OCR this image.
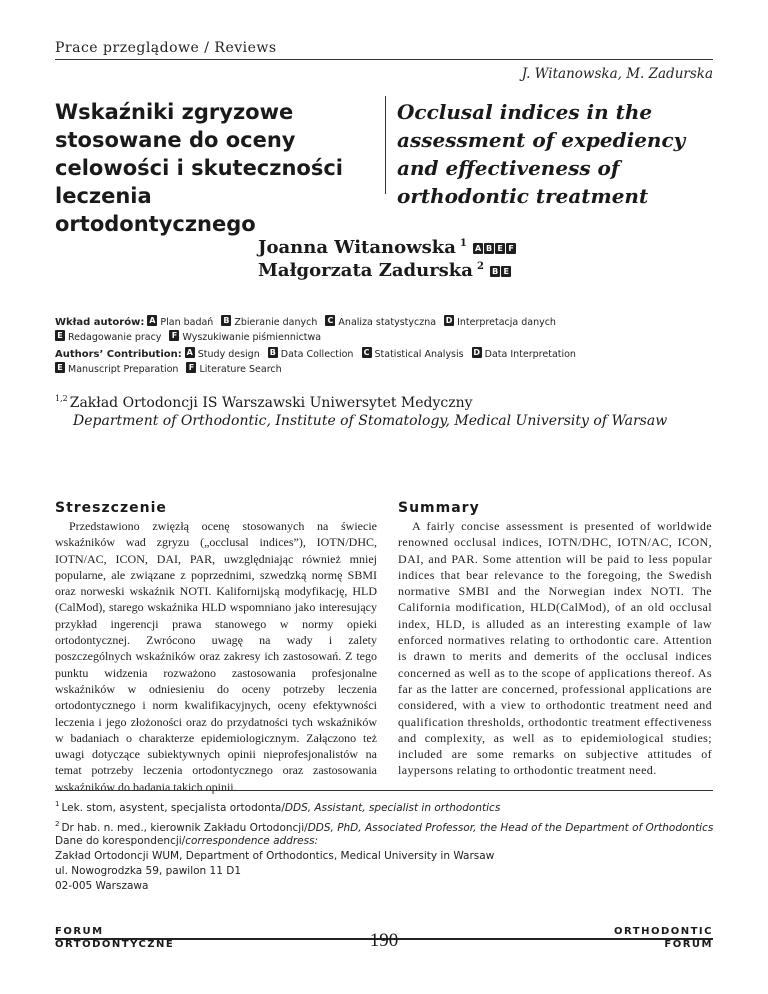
Prace przeglądowe / Reviews
J. Witanowska, M. Zadurska
Wskaźniki zgryzowe stosowane do oceny celowości i skuteczności leczenia ortodontycznego
Occlusal indices in the assessment of expediency and effectiveness of orthodontic treatment
Joanna Witanowska $^1$ A B E F
Małgorzata Zadurska $^2$ B E
Wkład autorów: A Plan badań B Zbieranie danych C Analiza statystyczna D Interpretacja danych
E Redagowanie pracy F Wyszukiwanie piśmiennictwa
Authors’ Contribution: A Study design B Data Collection C Statistical Analysis D Data Interpretation
E Manuscript Preparation F Literature Search
$^{1,2}$ Zakład Ortodoncji IS Warszawski Uniwersytet Medyczny
Department of Orthodontic, Institute of Stomatology, Medical University of Warsaw
Streszczenie	Summary
Przedstawiono zwięzłą ocenę stosowanych na świecie wskaźników wad zgryzu („occlusal indices”), IOTN/DHC, IOTN/AC, ICON, DAI, PAR, uwzględniając również mniej popularne, ale związane z poprzednimi, szwedzką normę SBMI oraz norweski wskaźnik NOTI. Kalifornijską modyfikację, HLD (CalMod), starego wskaźnika HLD wspomniano jako interesujący przykład ingerencji prawa stanowego w normy opieki ortodontycznej. Zwrócono uwagę na wady i zalety poszczególnych wskaźników oraz zakresy ich zastosowań. Z tego punktu widzenia rozważono zastosowania profesjonalne wskaźników w odniesieniu do oceny potrzeby leczenia ortodontycznego i norm kwalifikacyjnych, oceny efektywności leczenia i jego złożoności oraz do przydatności tych wskaźników w badaniach o charakterze epidemiologicznym. Załączono też uwagi dotyczące subiektywnych opinii nieprofesjonalistów na temat potrzeby leczenia ortodontycznego oraz zastosowania wskaźników do badania takich opinii.
A fairly concise assessment is presented of worldwide renowned occlusal indices, IOTN/DHC, IOTN/AC, ICON, DAI, and PAR. Some attention will be paid to less popular indices that bear relevance to the foregoing, the Swedish normative SMBI and the Norwegian index NOTI. The California modification, HLD(CalMod), of an old occlusal index, HLD, is alluded as an interesting example of law enforced normatives relating to orthodontic care. Attention is drawn to merits and demerits of the occlusal indices concerned as well as to the scope of applications thereof. As far as the latter are concerned, professional applications are considered, with a view to orthodontic treatment need and qualification thresholds, orthodontic treatment effectiveness and complexity, as well as to epidemiological studies; included are some remarks on subjective attitudes of laypersons relating to orthodontic treatment need.
$^1$ Lek. stom, asystent, specjalista ortodonta/DDS, Assistant, specialist in orthodontics
$^2$ Dr hab. n. med., kierownik Zakładu Ortodoncji/DDS, PhD, Associated Professor, the Head of the Department of Orthodontics
Dane do korespondencji/correspondence address:
Zakład Ortodoncji WUM, Department of Orthodontics, Medical University in Warsaw
ul. Nowogrodzka 59, pawilon 11 D1
02-005 Warszawa
FORUM
ORTODONTYCZNE	190	ORTHODONTIC
FORUM
